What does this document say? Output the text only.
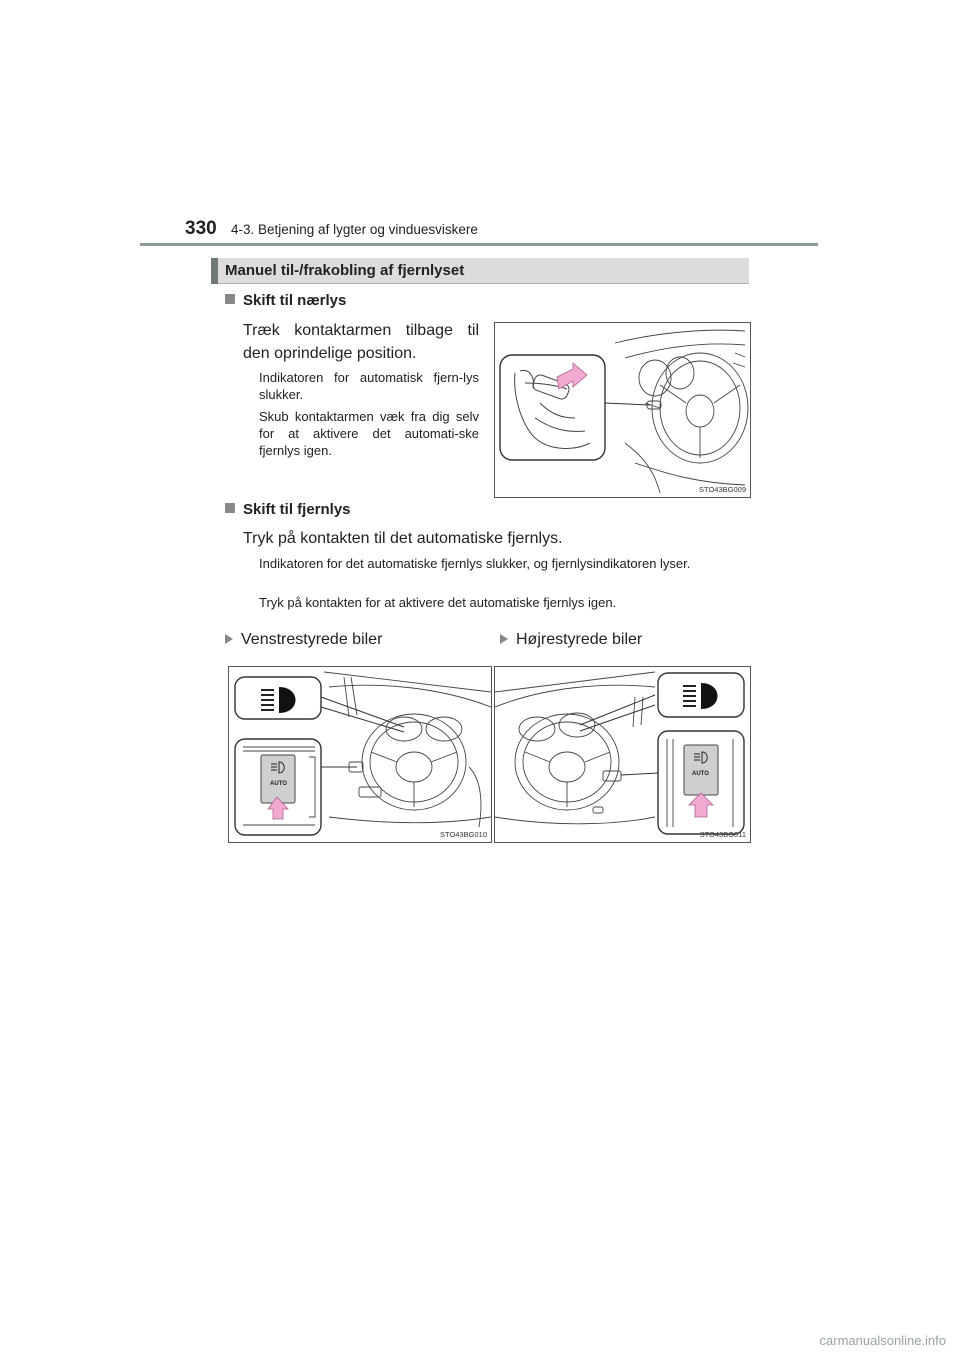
330 4-3. Betjening af lygter og vinduesviskere
Manuel til-/frakobling af fjernlyset
Skift til nærlys
Træk kontaktarmen tilbage til den oprindelige position.
Indikatoren for automatisk fjern-lys slukker.
Skub kontaktarmen væk fra dig selv for at aktivere det automati-ske fjernlys igen.
STO43BG009
Skift til fjernlys
Tryk på kontakten til det automatiske fjernlys.
Indikatoren for det automatiske fjernlys slukker, og fjernlysindikatoren lyser.
Tryk på kontakten for at aktivere det automatiske fjernlys igen.
Venstrestyrede biler	Højrestyrede biler
AUTO
STO43BG010
AUTO
STO43BG011
carmanualsonline.info
